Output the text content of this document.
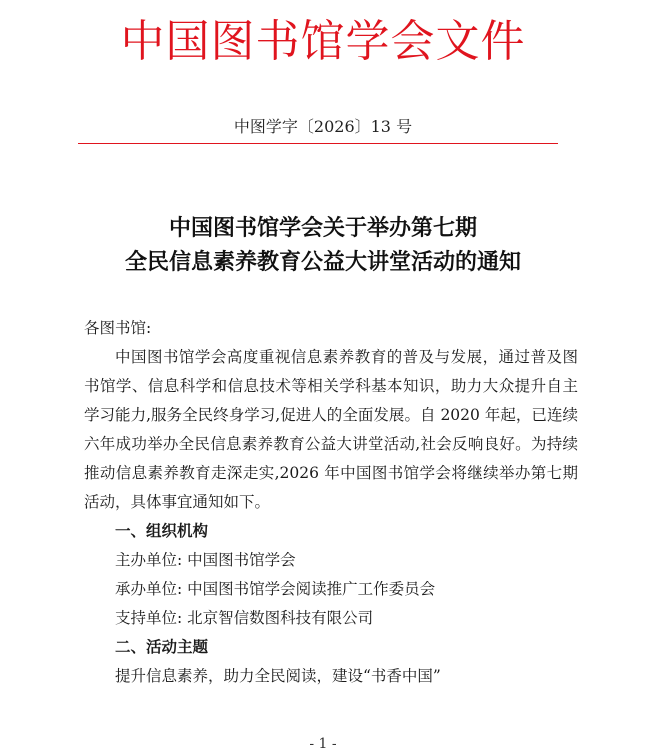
中国图书馆学会文件
中图学字〔2026〕13 号
中国图书馆学会关于举办第七期
全民信息素养教育公益大讲堂活动的通知

各图书馆:

中国图书馆学会高度重视信息素养教育的普及与发展，通过普及图书馆学、信息科学和信息技术等相关学科基本知识，助力大众提升自主学习能力,服务全民终身学习,促进人的全面发展。自 2020 年起，已连续六年成功举办全民信息素养教育公益大讲堂活动,社会反响良好。为持续推动信息素养教育走深走实,2026 年中国图书馆学会将继续举办第七期活动，具体事宜通知如下。

一、组织机构

主办单位: 中国图书馆学会

承办单位: 中国图书馆学会阅读推广工作委员会

支持单位: 北京智信数图科技有限公司

二、活动主题

提升信息素养，助力全民阅读，建设“书香中国”

- 1 -
